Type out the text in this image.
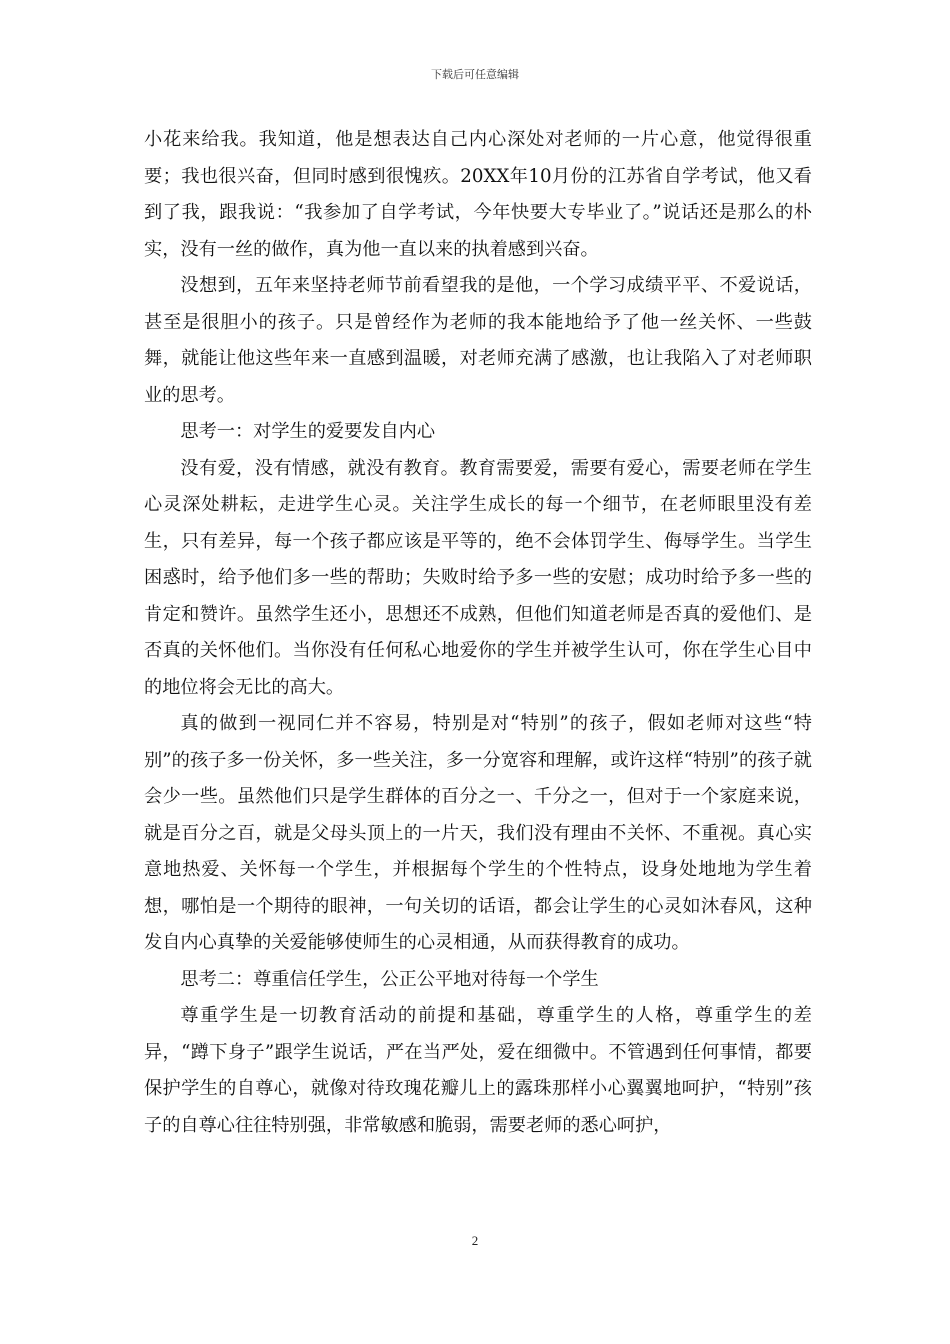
下载后可任意编辑

小花来给我。我知道，他是想表达自己内心深处对老师的一片心意，他觉得很重要；我也很兴奋，但同时感到很愧疚。20XX年10月份的江苏省自学考试，他又看到了我，跟我说：“我参加了自学考试，今年快要大专毕业了。”说话还是那么的朴实，没有一丝的做作，真为他一直以来的执着感到兴奋。

没想到，五年来坚持老师节前看望我的是他，一个学习成绩平平、不爱说话，甚至是很胆小的孩子。只是曾经作为老师的我本能地给予了他一丝关怀、一些鼓舞，就能让他这些年来一直感到温暖，对老师充满了感激，也让我陷入了对老师职业的思考。

思考一：对学生的爱要发自内心

没有爱，没有情感，就没有教育。教育需要爱，需要有爱心，需要老师在学生心灵深处耕耘，走进学生心灵。关注学生成长的每一个细节，在老师眼里没有差生，只有差异，每一个孩子都应该是平等的，绝不会体罚学生、侮辱学生。当学生困惑时，给予他们多一些的帮助；失败时给予多一些的安慰；成功时给予多一些的肯定和赞许。虽然学生还小，思想还不成熟，但他们知道老师是否真的爱他们、是否真的关怀他们。当你没有任何私心地爱你的学生并被学生认可，你在学生心目中的地位将会无比的高大。

真的做到一视同仁并不容易，特别是对“特别”的孩子，假如老师对这些“特别”的孩子多一份关怀，多一些关注，多一分宽容和理解，或许这样“特别”的孩子就会少一些。虽然他们只是学生群体的百分之一、千分之一，但对于一个家庭来说，就是百分之百，就是父母头顶上的一片天，我们没有理由不关怀、不重视。真心实意地热爱、关怀每一个学生，并根据每个学生的个性特点，设身处地地为学生着想，哪怕是一个期待的眼神，一句关切的话语，都会让学生的心灵如沐春风，这种发自内心真挚的关爱能够使师生的心灵相通，从而获得教育的成功。

思考二：尊重信任学生，公正公平地对待每一个学生

尊重学生是一切教育活动的前提和基础，尊重学生的人格，尊重学生的差异，“蹲下身子”跟学生说话，严在当严处，爱在细微中。不管遇到任何事情，都要保护学生的自尊心，就像对待玫瑰花瓣儿上的露珠那样小心翼翼地呵护，“特别”孩子的自尊心往往特别强，非常敏感和脆弱，需要老师的悉心呵护，

2
